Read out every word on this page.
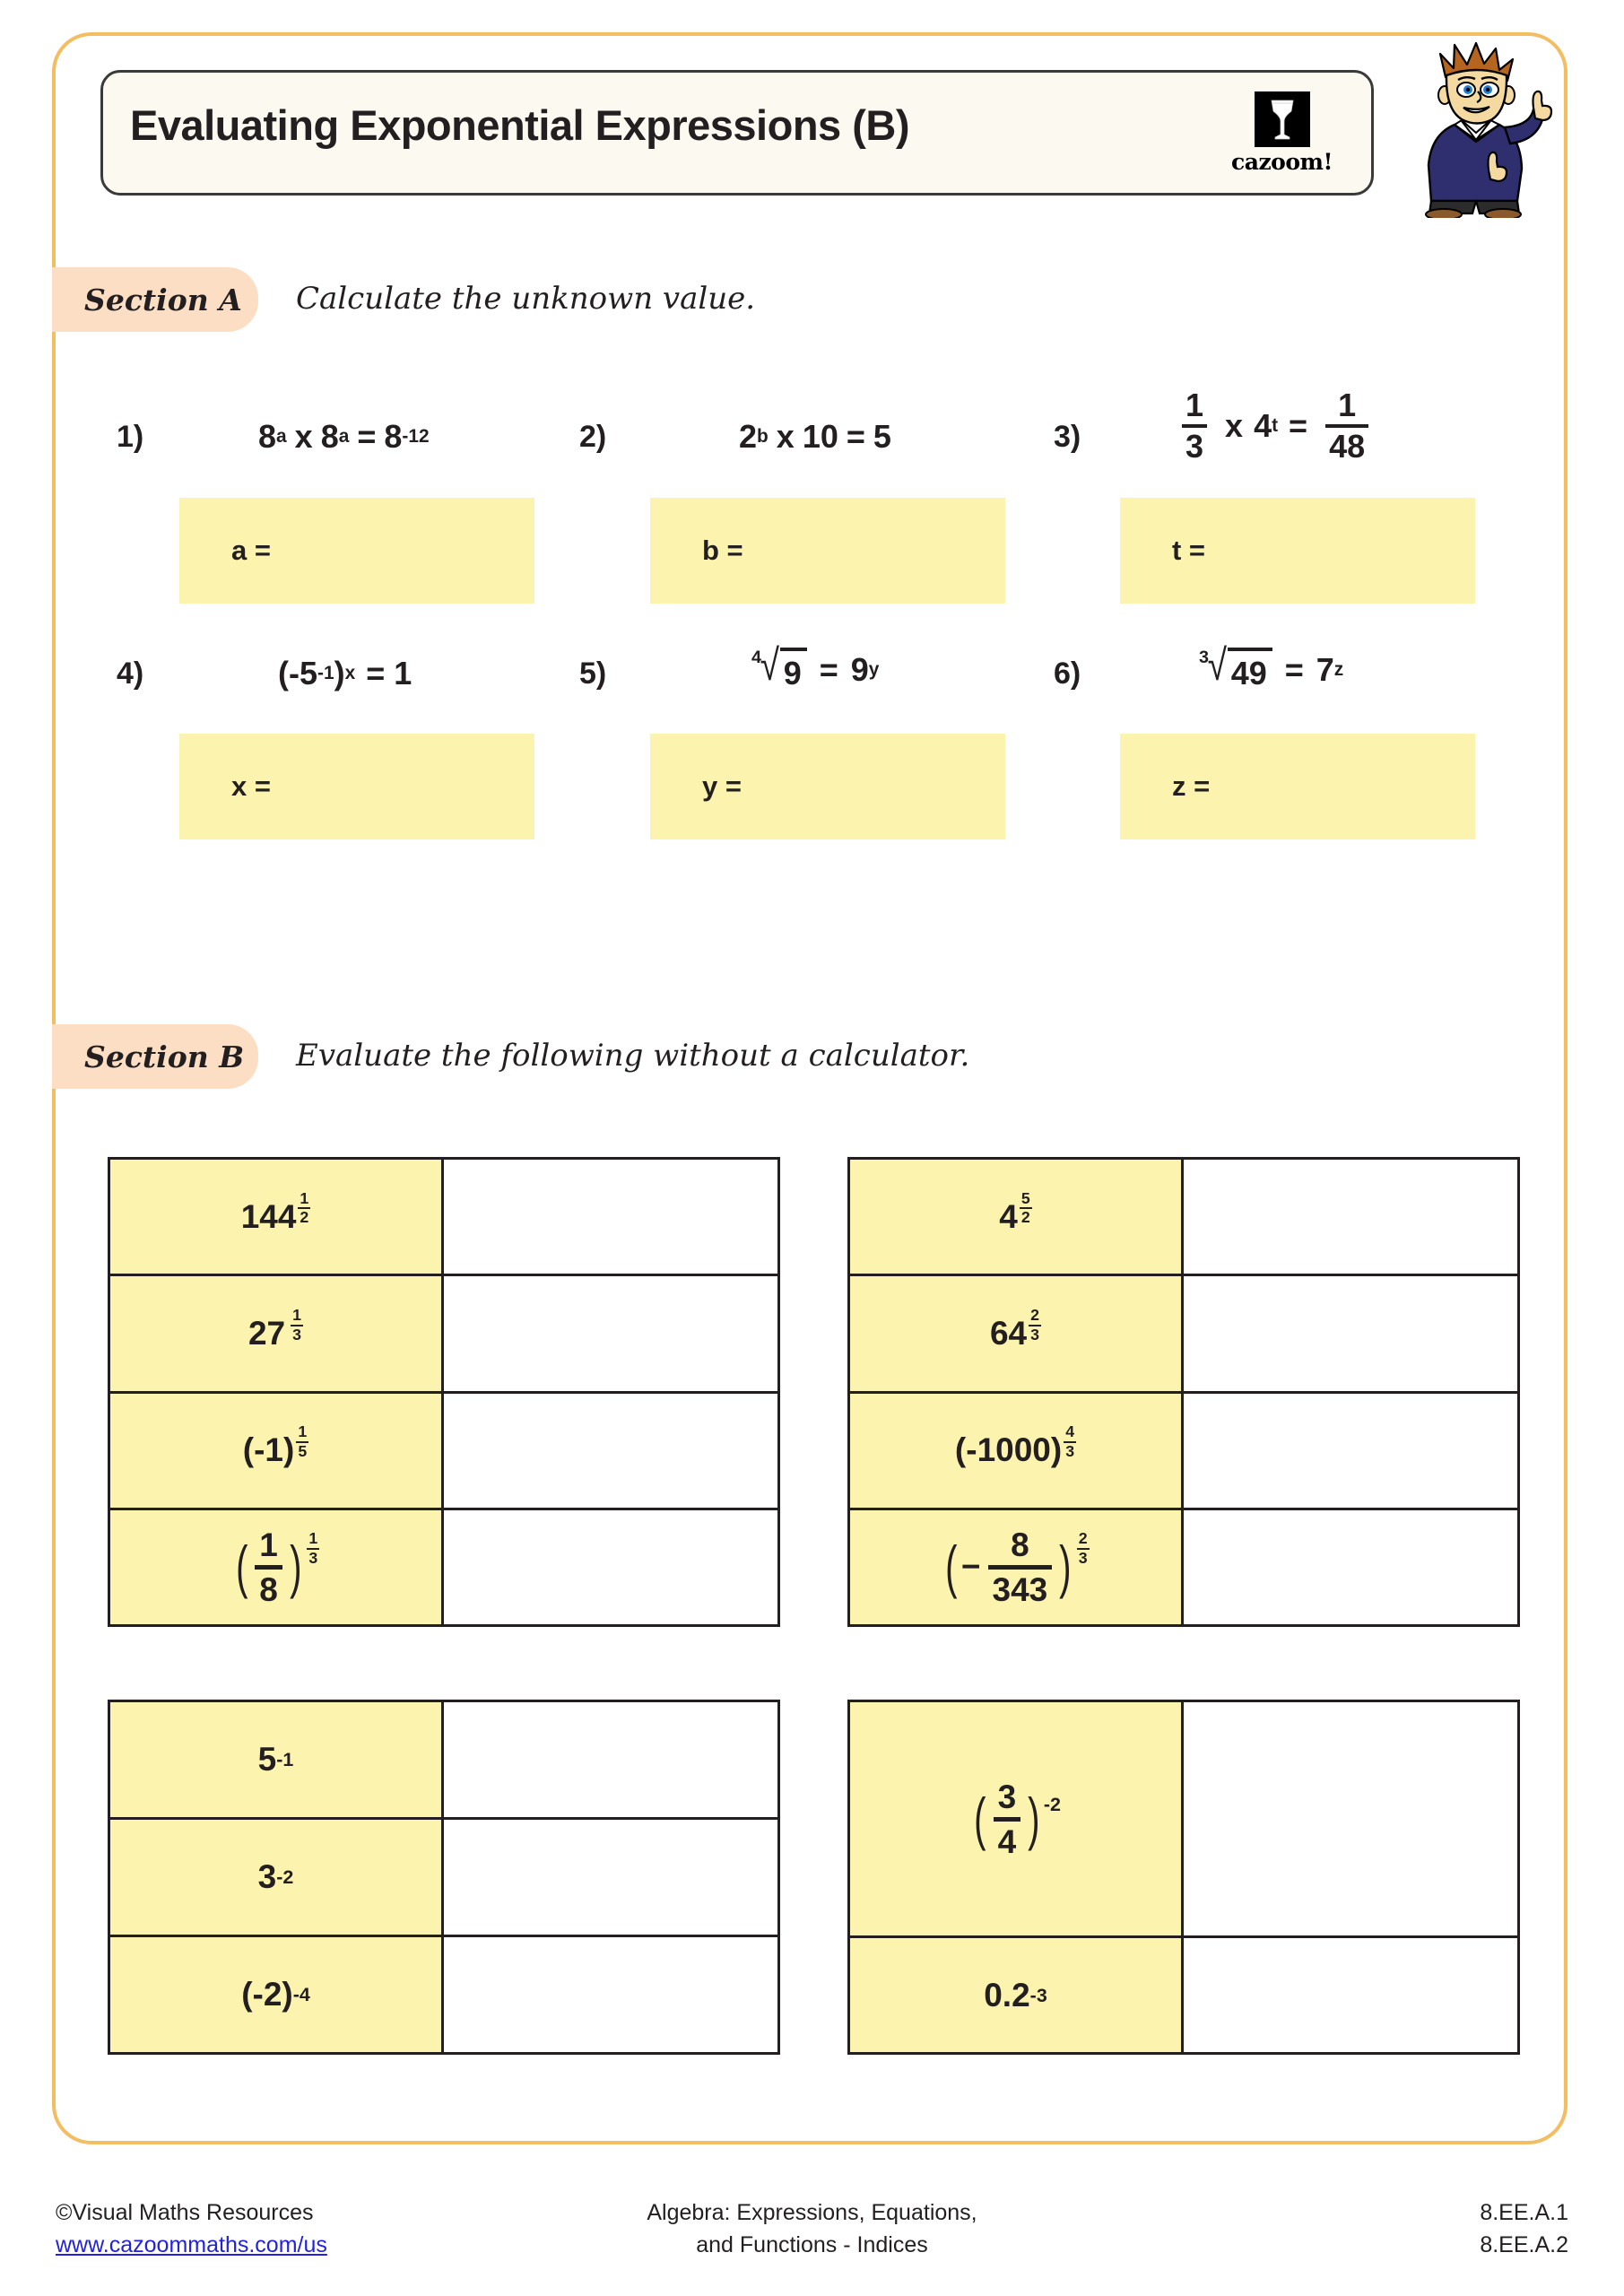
Evaluating Exponential Expressions (B)
cazoom!
Section A Calculate the unknown value.
1)	8 a x 8 a = 8 -12
a =
2)	2 b x 10 = 5
b =
3)	$\frac{1}{3}$ x 4 $t = \frac{1}{48}$
t =
4)	(-5 -1 ) x = 1
x =
5)	4
√ 9 = 9 y
y =
6)	3
√ 49 = 7 z
z =
Section B Evaluate the following without a calculator.
$144 \frac{1}{2}$
$27 \frac{1}{3}$
$(-1) \frac{1}{5}$
( $\frac{1}{8}$ ) $\frac{1}{3}$
$4 \frac{5}{2}$
$64 \frac{2}{3}$
$(-1000) \frac{4}{3}$
( − $\frac{8}{343}$ ) $\frac{2}{3}$
5 -1
3 -2
(-2) -4
( $\frac{3}{4} )^{-2}$
0.2 -3
©Visual Maths Resources
www.cazoommaths.com/us
Algebra: Expressions, Equations,
and Functions - Indices
8.EE.A.1
8.EE.A.2
